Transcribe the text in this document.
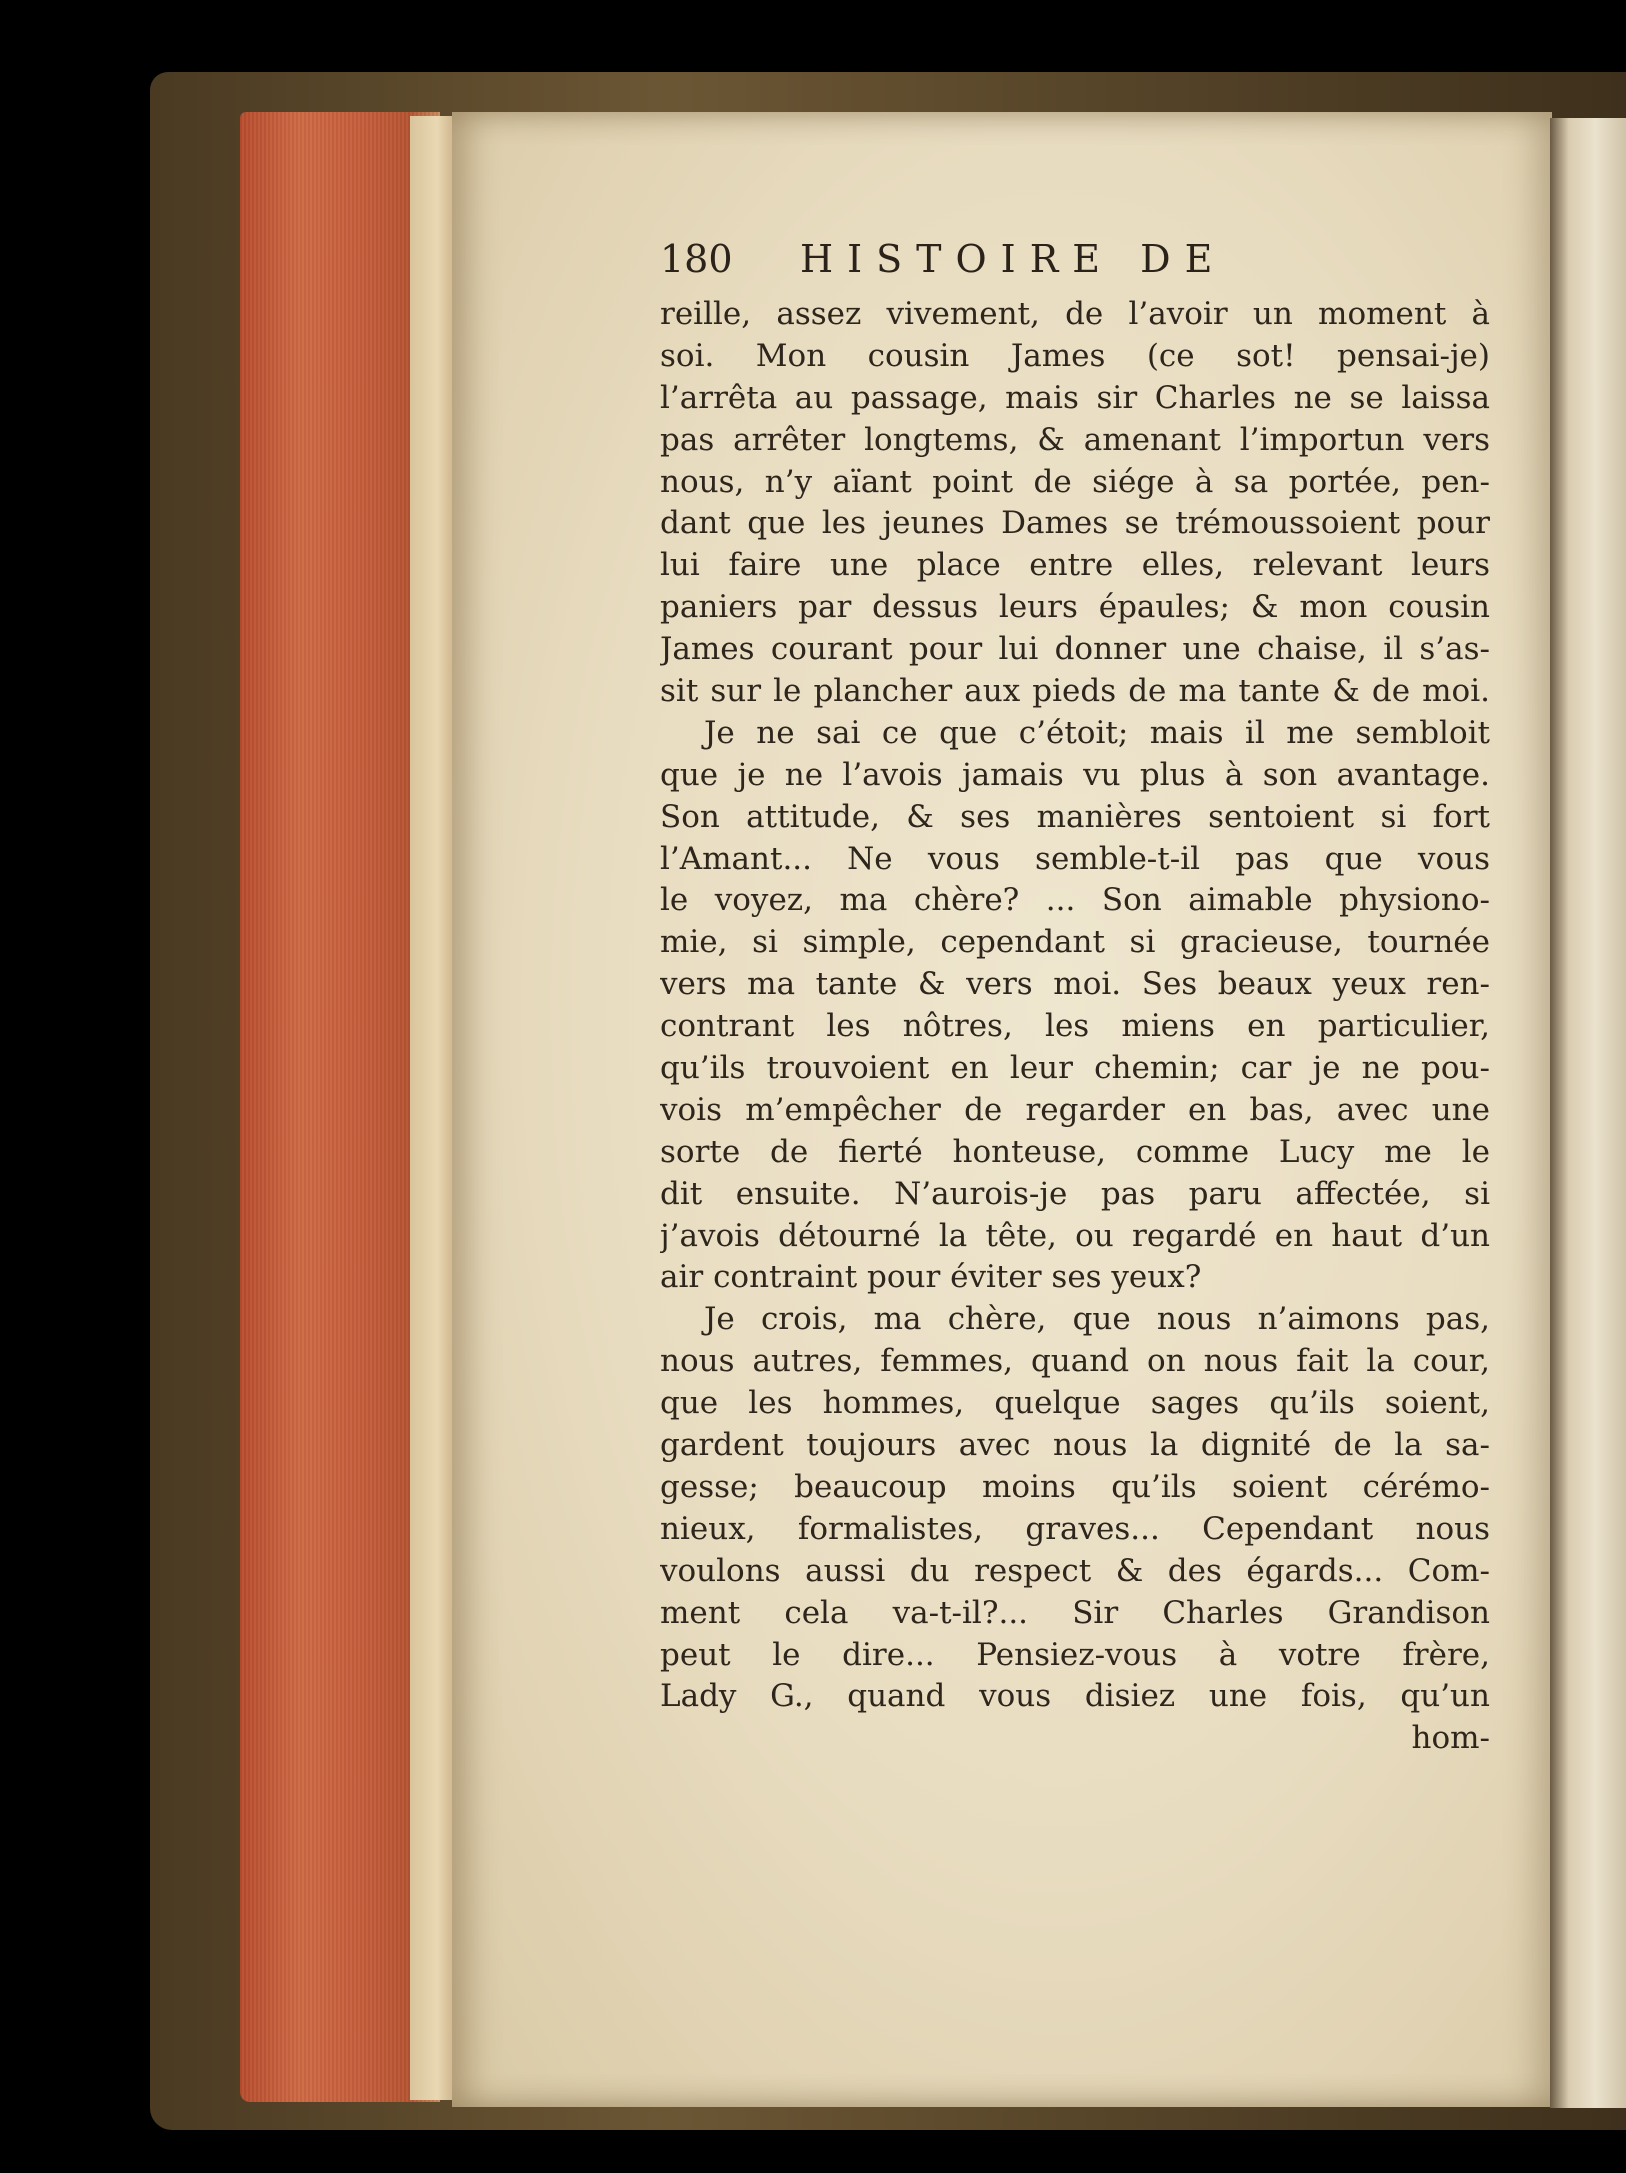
180 HISTOIRE DE
reille, assez vivement, de l’avoir un moment à
soi. Mon cousin James (ce sot! pensai-je)
l’arrêta au passage, mais sir Charles ne se laissa
pas arrêter longtems, & amenant l’importun vers
nous, n’y aïant point de siége à sa portée, pen-
dant que les jeunes Dames se trémoussoient pour
lui faire une place entre elles, relevant leurs
paniers par dessus leurs épaules; & mon cousin
James courant pour lui donner une chaise, il s’as-
sit sur le plancher aux pieds de ma tante & de moi.
Je ne sai ce que c’étoit; mais il me sembloit
que je ne l’avois jamais vu plus à son avantage.
Son attitude, & ses manières sentoient si fort
l’Amant... Ne vous semble-t-il pas que vous
le voyez, ma chère? ... Son aimable physiono-
mie, si simple, cependant si gracieuse, tournée
vers ma tante & vers moi. Ses beaux yeux ren-
contrant les nôtres, les miens en particulier,
qu’ils trouvoient en leur chemin; car je ne pou-
vois m’empêcher de regarder en bas, avec une
sorte de fierté honteuse, comme Lucy me le
dit ensuite. N’aurois-je pas paru affectée, si
j’avois détourné la tête, ou regardé en haut d’un
air contraint pour éviter ses yeux?
Je crois, ma chère, que nous n’aimons pas,
nous autres, femmes, quand on nous fait la cour,
que les hommes, quelque sages qu’ils soient,
gardent toujours avec nous la dignité de la sa-
gesse; beaucoup moins qu’ils soient cérémo-
nieux, formalistes, graves... Cependant nous
voulons aussi du respect & des égards... Com-
ment cela va-t-il?... Sir Charles Grandison
peut le dire... Pensiez-vous à votre frère,
Lady G., quand vous disiez une fois, qu’un
hom-
